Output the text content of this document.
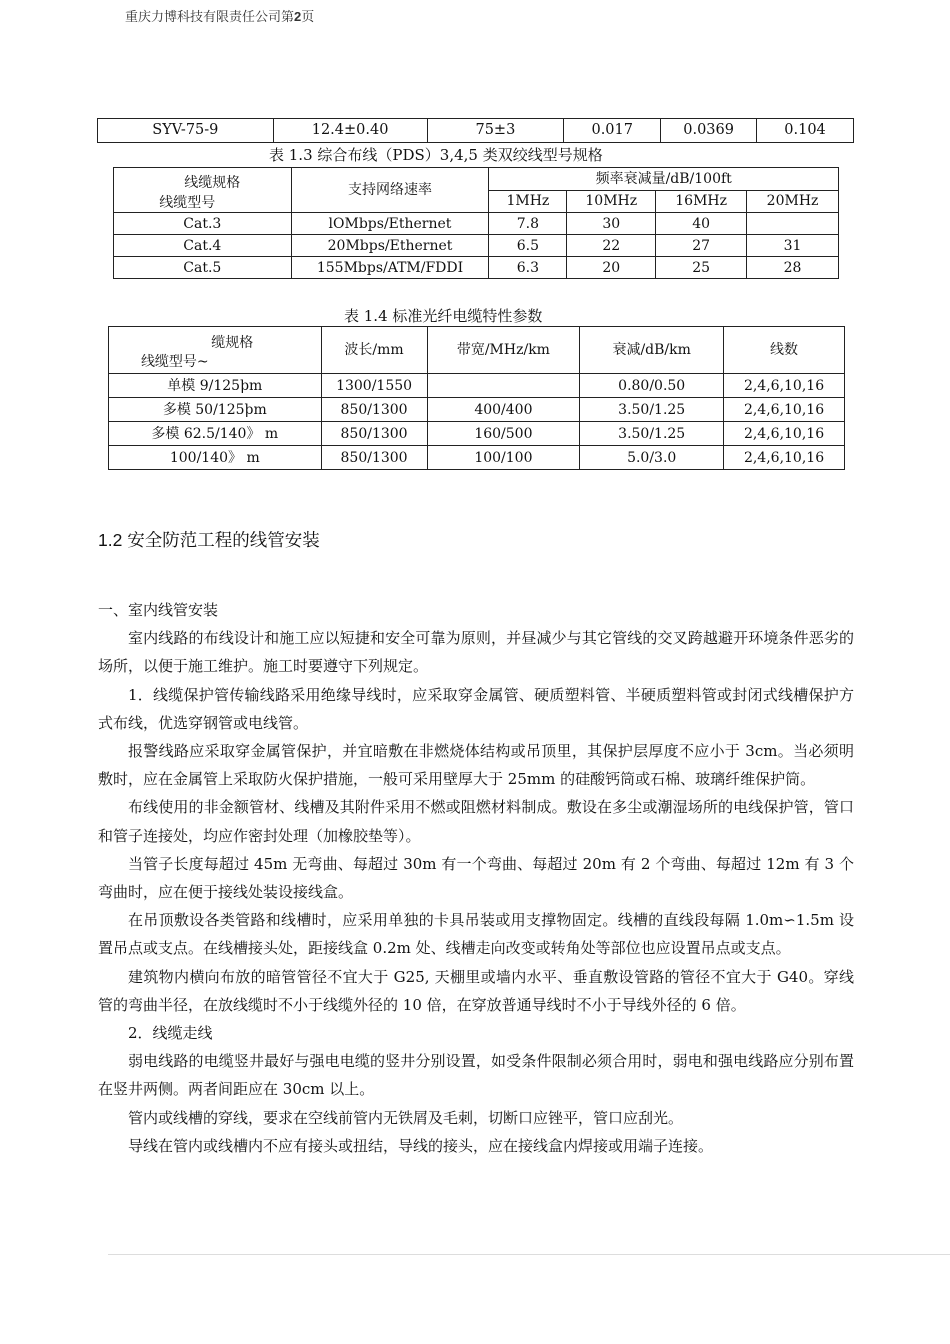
重庆力博科技有限责任公司第2页
SYV-75-9	12.4±0.40	75±3	0.017	0.0369	0.104
表 1.3 综合布线（PDS）3,4,5 类双绞线型号规格
线缆规格
线缆型号	支持网络速率	频率衰减量/dB/100ft			
		1MHz	10MHz	16MHz	20MHz
Cat.3	lOMbps/Ethernet	7.8	30	40	
Cat.4	20Mbps/Ethernet	6.5	22	27	31
Cat.5	155Mbps/ATM/FDDI	6.3	20	25	28
表 1.4 标准光纤电缆特性参数
缆规格
线缆型号~	波长/mm	带宽/MHz/km	衰减/dB/km	线数
单模 9/125ϸm	1300/1550		0.80/0.50	2,4,6,10,16
多模 50/125ϸm	850/1300	400/400	3.50/1.25	2,4,6,10,16
多模 62.5/140》 m	850/1300	160/500	3.50/1.25	2,4,6,10,16
100/140》 m	850/1300	100/100	5.0/3.0	2,4,6,10,16
1.2 安全防范工程的线管安装

一、室内线管安装

室内线路的布线设计和施工应以短捷和安全可靠为原则，并昼减少与其它管线的交叉跨越避开环境条件恶劣的场所，以便于施工维护。施工时要遵守下列规定。

1．线缆保护管传输线路采用绝缘导线时，应采取穿金属管、硬质塑料管、半硬质塑料管或封闭式线槽保护方式布线，优选穿钢管或电线管。

报警线路应采取穿金属管保护，并宜暗敷在非燃烧体结构或吊顶里，其保护层厚度不应小于 3cm。当必须明敷时，应在金属管上采取防火保护措施，一般可采用壁厚大于 25mm 的硅酸钙筒或石棉、玻璃纤维保护筒。

布线使用的非金额管材、线槽及其附件采用不燃或阻燃材料制成。敷设在多尘或潮湿场所的电线保护管，管口和管子连接处，均应作密封处理（加橡胶垫等）。

当管子长度每超过 45m 无弯曲、每超过 30m 有一个弯曲、每超过 20m 有 2 个弯曲、每超过 12m 有 3 个弯曲时，应在便于接线处装设接线盒。

在吊顶敷设各类管路和线槽时，应采用单独的卡具吊装或用支撑物固定。线槽的直线段每隔 1.0m∽1.5m 设置吊点或支点。在线槽接头处，距接线盒 0.2m 处、线槽走向改变或转角处等部位也应设置吊点或支点。

建筑物内横向布放的暗管管径不宜大于 G25, 天棚里或墙内水平、垂直敷设管路的管径不宜大于 G40。穿线管的弯曲半径，在放线缆时不小于线缆外径的 10 倍，在穿放普通导线时不小于导线外径的 6 倍。

2．线缆走线

弱电线路的电缆竖井最好与强电电缆的竖井分别设置，如受条件限制必须合用时，弱电和强电线路应分别布置在竖井两侧。两者间距应在 30cm 以上。

管内或线槽的穿线，要求在空线前管内无铁屑及毛刺，切断口应锉平，管口应刮光。

导线在管内或线槽内不应有接头或扭结，导线的接头，应在接线盒内焊接或用端子连接。
